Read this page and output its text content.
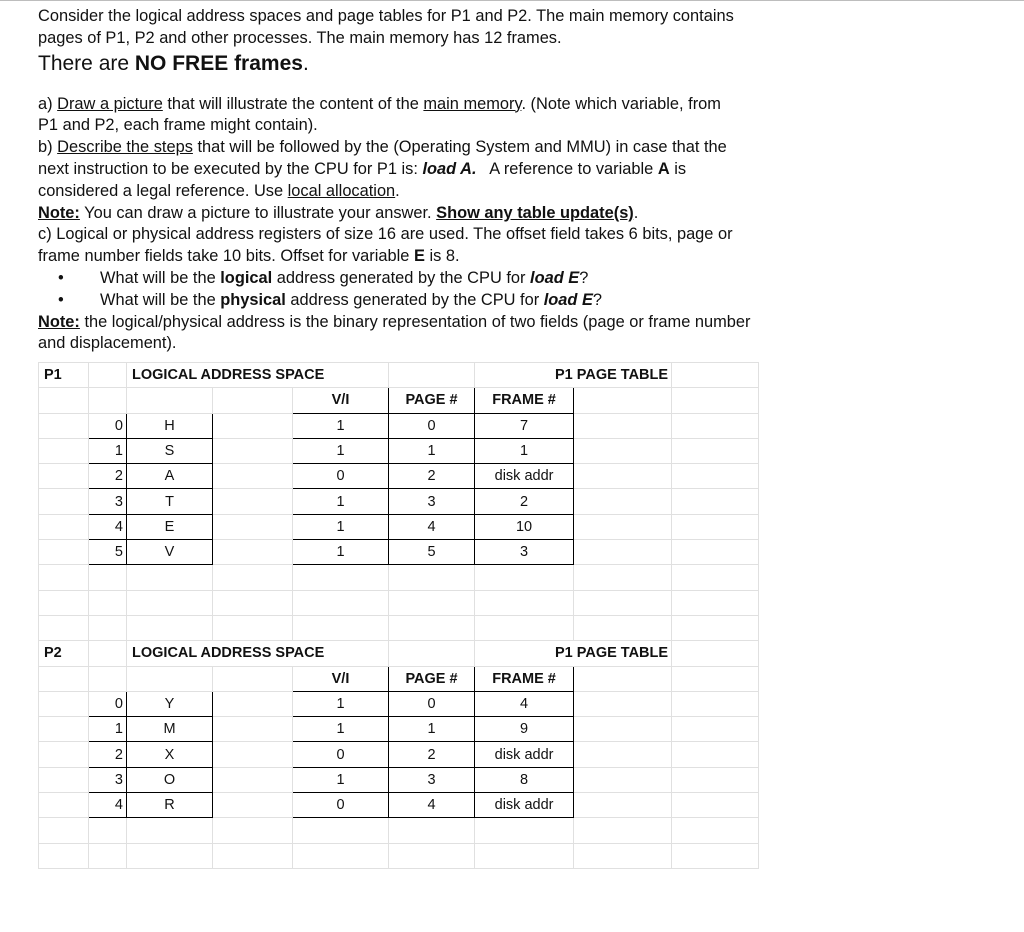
Consider the logical address spaces and page tables for P1 and P2. The main memory contains

pages of P1, P2 and other processes. The main memory has 12 frames.

There are NO FREE frames.

a) Draw a picture that will illustrate the content of the main memory. (Note which variable, from

P1 and P2, each frame might contain).

b) Describe the steps that will be followed by the (Operating System and MMU) in case that the

next instruction to be executed by the CPU for P1 is: load A.   A reference to variable A is

considered a legal reference. Use local allocation.

Note: You can draw a picture to illustrate your answer. Show any table update(s).

c) Logical or physical address registers of size 16 are used. The offset field takes 6 bits, page or

frame number fields take 10 bits. Offset for variable E is 8.

• What will be the logical address generated by the CPU for load E?

• What will be the physical address generated by the CPU for load E?

Note: the logical/physical address is the binary representation of two fields (page or frame number

and displacement).

P1		LOGICAL ADDRESS SPACE				P1 PAGE TABLE		
				V/I	PAGE #	FRAME #		
	0	H		1	0	7		
	1	S		1	1	1		
	2	A		0	2	disk addr		
	3	T		1	3	2		
	4	E		1	4	10		
	5	V		1	5	3		

P2		LOGICAL ADDRESS SPACE				P1 PAGE TABLE		
				V/I	PAGE #	FRAME #		
	0	Y		1	0	4		
	1	M		1	1	9		
	2	X		0	2	disk addr		
	3	O		1	3	8		
	4	R		0	4	disk addr		
